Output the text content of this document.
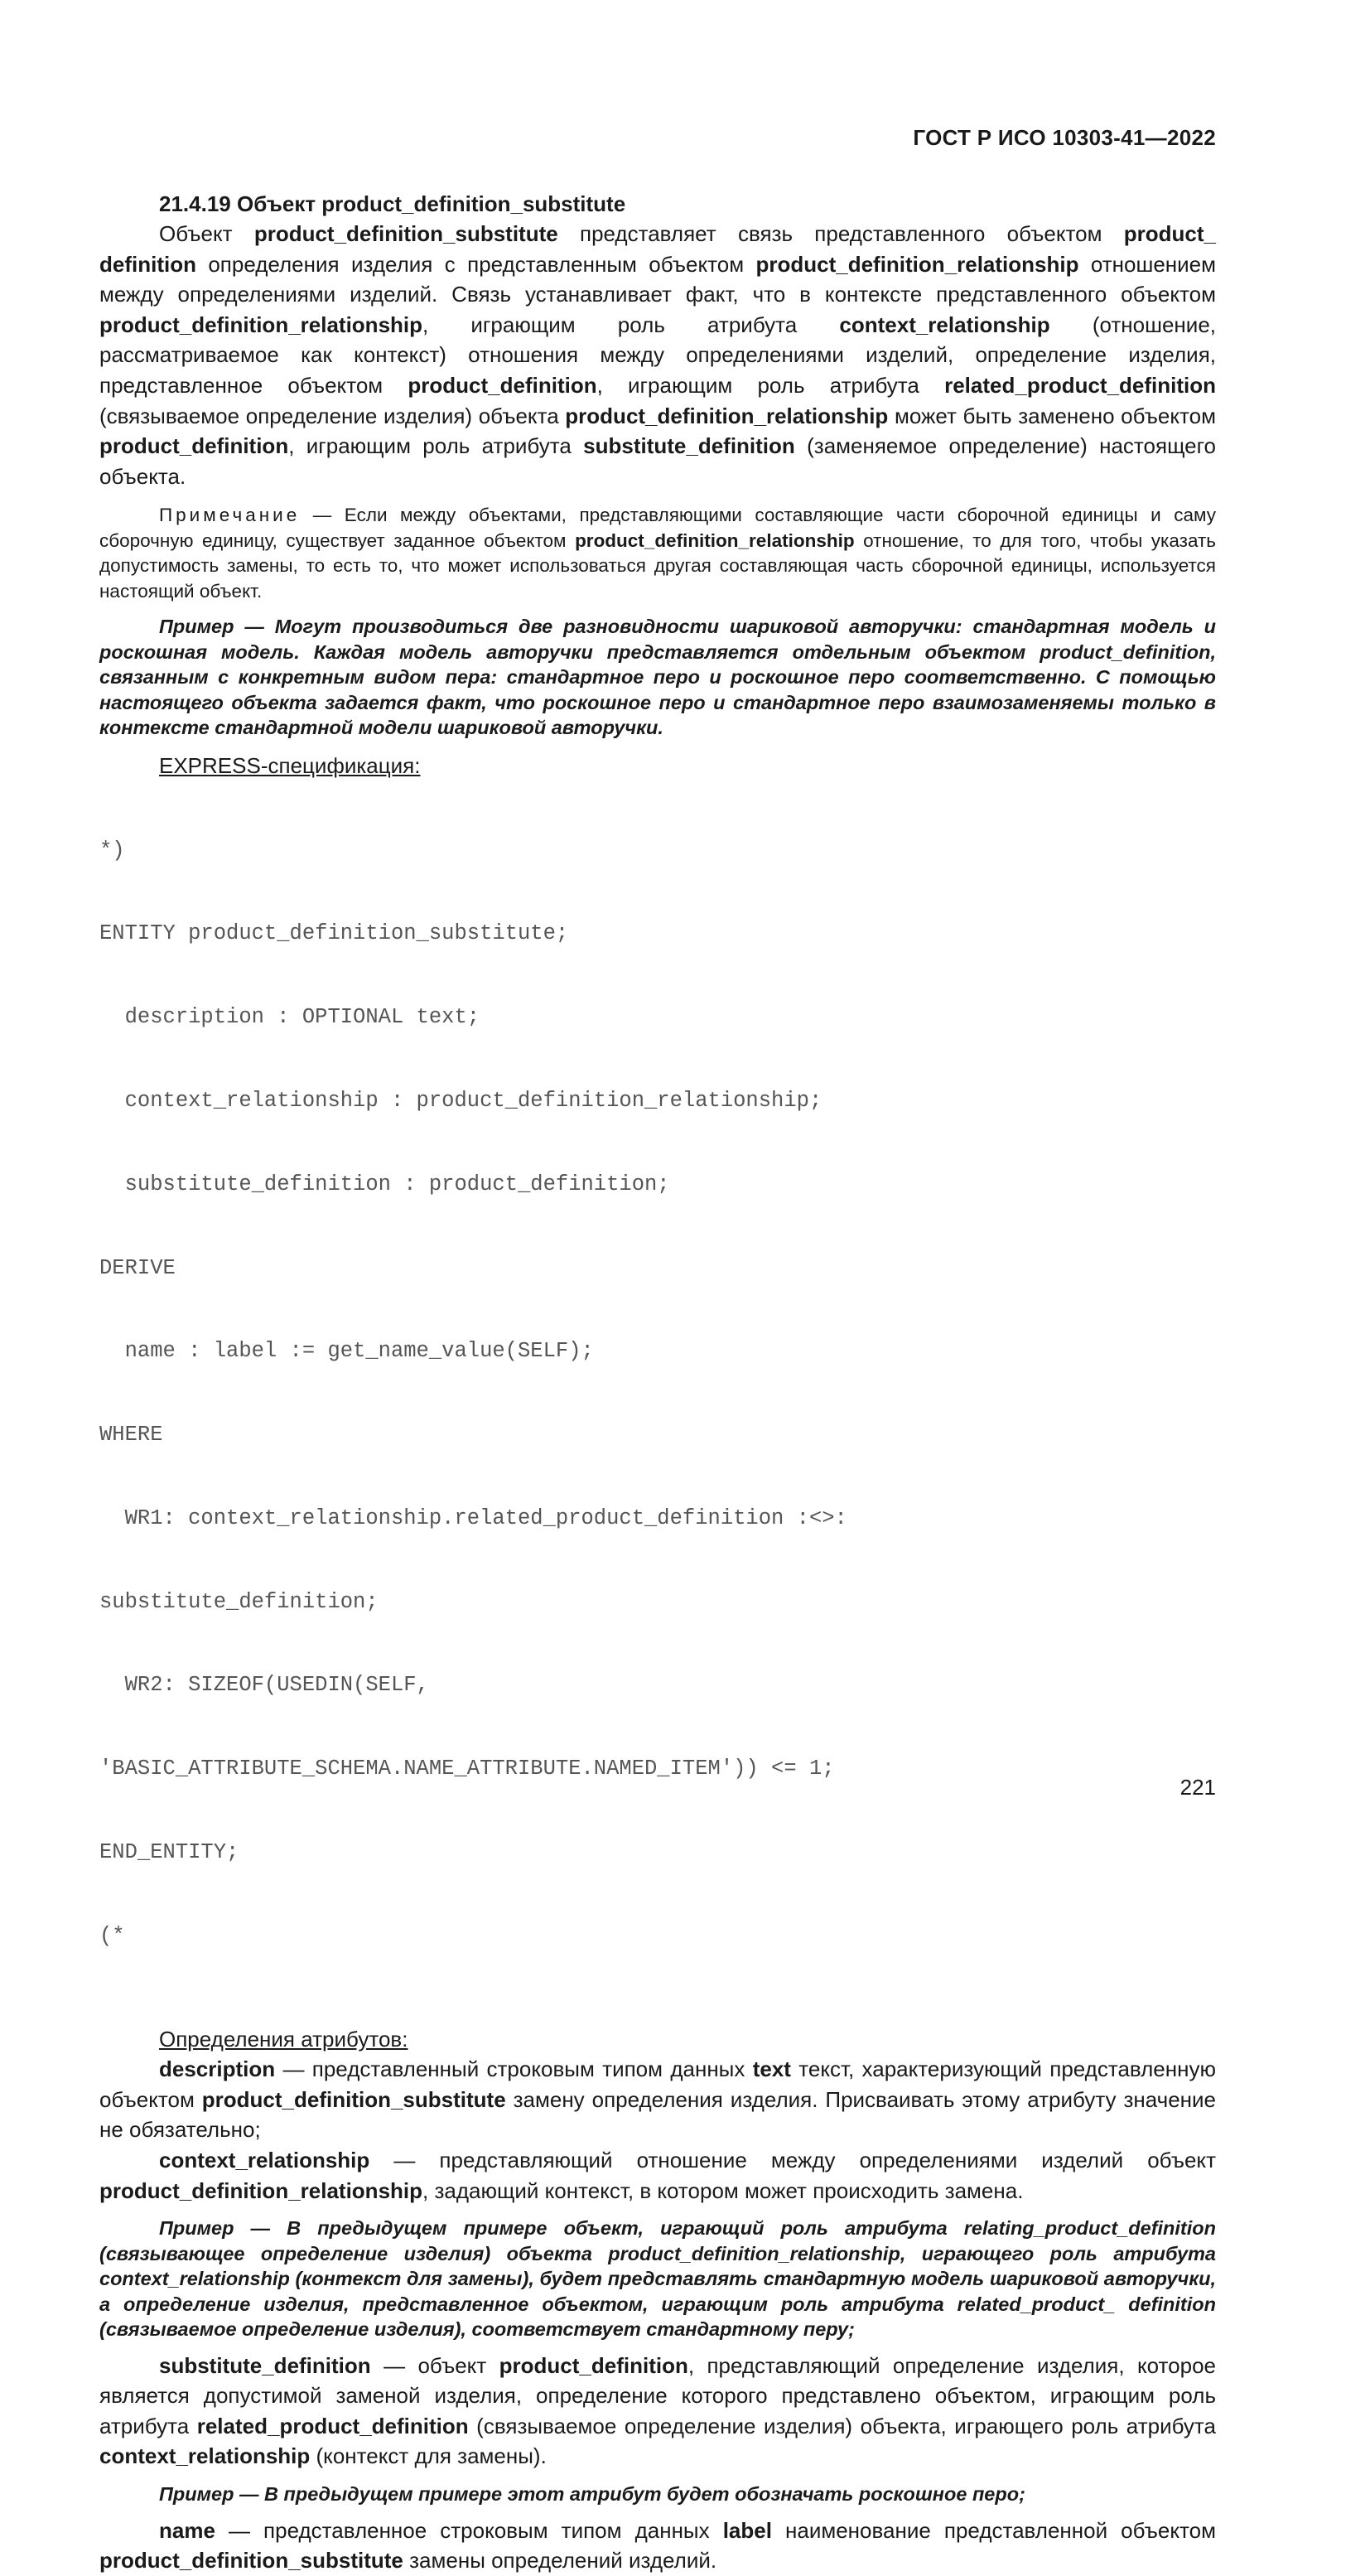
ГОСТ Р ИСО 10303-41—2022

21.4.19 Объект product_definition_substitute

Объект product_definition_substitute представляет связь представленного объектом product_ definition определения изделия с представленным объектом product_definition_relationship отношением между определениями изделий. Связь устанавливает факт, что в контексте представленного объектом product_definition_relationship, играющим роль атрибута context_relationship (отношение, рассматриваемое как контекст) отношения между определениями изделий, определение изделия, представленное объектом product_definition, играющим роль атрибута related_product_definition (связываемое определение изделия) объекта product_definition_relationship может быть заменено объектом product_definition, играющим роль атрибута substitute_definition (заменяемое определение) настоящего объекта.

Примечание — Если между объектами, представляющими составляющие части сборочной единицы и саму сборочную единицу, существует заданное объектом product_definition_relationship отношение, то для того, чтобы указать допустимость замены, то есть то, что может использоваться другая составляющая часть сборочной единицы, используется настоящий объект.

Пример — Могут производиться две разновидности шариковой авторучки: стандартная модель и роскошная модель. Каждая модель авторучки представляется отдельным объектом product_definition, связанным с конкретным видом пера: стандартное перо и роскошное перо соответственно. С помощью настоящего объекта задается факт, что роскошное перо и стандартное перо взаимозаменяемы только в контексте стандартной модели шариковой авторучки.

EXPRESS-спецификация:

*)

ENTITY product_definition_substitute;

description : OPTIONAL text;

context_relationship : product_definition_relationship;

substitute_definition : product_definition;

DERIVE

name : label := get_name_value(SELF);

WHERE

WR1: context_relationship.related_product_definition :<>:

substitute_definition;

WR2: SIZEOF(USEDIN(SELF,

'BASIC_ATTRIBUTE_SCHEMA.NAME_ATTRIBUTE.NAMED_ITEM')) <= 1;

END_ENTITY;

(*

Определения атрибутов:

description — представленный строковым типом данных text текст, характеризующий представленную объектом product_definition_substitute замену определения изделия. Присваивать этому атрибуту значение не обязательно;

context_relationship — представляющий отношение между определениями изделий объект product_definition_relationship, задающий контекст, в котором может происходить замена.

Пример — В предыдущем примере объект, играющий роль атрибута relating_product_definition (связывающее определение изделия) объекта product_definition_relationship, играющего роль атрибута context_relationship (контекст для замены), будет представлять стандартную модель шариковой авторучки, а определение изделия, представленное объектом, играющим роль атрибута related_product_ definition (связываемое определение изделия), соответствует стандартному перу;

substitute_definition — объект product_definition, представляющий определение изделия, которое является допустимой заменой изделия, определение которого представлено объектом, играющим роль атрибута related_product_definition (связываемое определение изделия) объекта, играющего роль атрибута context_relationship (контекст для замены).

Пример — В предыдущем примере этот атрибут будет обозначать роскошное перо;

name — представленное строковым типом данных label наименование представленной объектом product_definition_substitute замены определений изделий.

221
